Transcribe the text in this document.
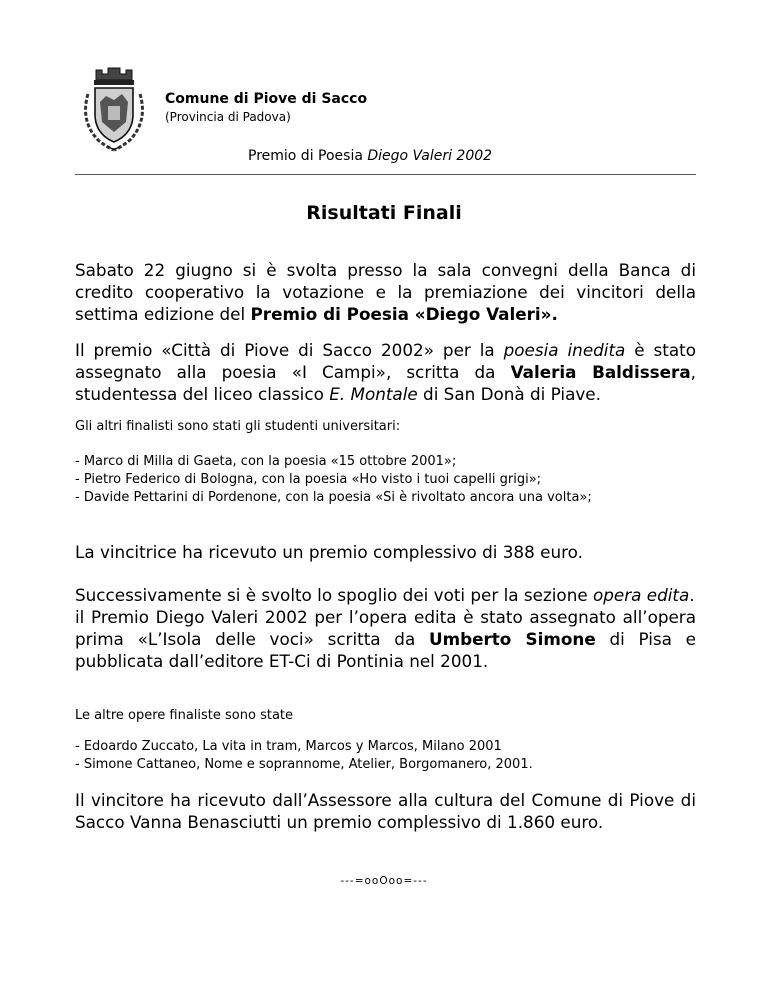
Comune di Piove di Sacco
(Provincia di Padova)
Premio di Poesia Diego Valeri 2002
Risultati Finali
Sabato 22 giugno si è svolta presso la sala convegni della Banca di credito cooperativo la votazione e la premiazione dei vincitori della settima edizione del Premio di Poesia «Diego Valeri».
Il premio «Città di Piove di Sacco 2002» per la poesia inedita è stato assegnato alla poesia «I Campi», scritta da Valeria Baldissera, studentessa del liceo classico E. Montale di San Donà di Piave.
Gli altri finalisti sono stati gli studenti universitari:
- Marco di Milla di Gaeta, con la poesia «15 ottobre 2001»;
- Pietro Federico di Bologna, con la poesia «Ho visto i tuoi capelli grigi»;
- Davide Pettarini di Pordenone, con la poesia «Si è rivoltato ancora una volta»;
La vincitrice ha ricevuto un premio complessivo di 388 euro.
Successivamente si è svolto lo spoglio dei voti per la sezione opera edita.
il Premio Diego Valeri 2002 per l’opera edita è stato assegnato all’opera prima «L’Isola delle voci» scritta da Umberto Simone di Pisa e pubblicata dall’editore ET-Ci di Pontinia nel 2001.
Le altre opere finaliste sono state
- Edoardo Zuccato, La vita in tram, Marcos y Marcos, Milano 2001
- Simone Cattaneo, Nome e soprannome, Atelier, Borgomanero, 2001.
Il vincitore ha ricevuto dall’Assessore alla cultura del Comune di Piove di Sacco Vanna Benasciutti un premio complessivo di 1.860 euro.
---=ooOoo=---
